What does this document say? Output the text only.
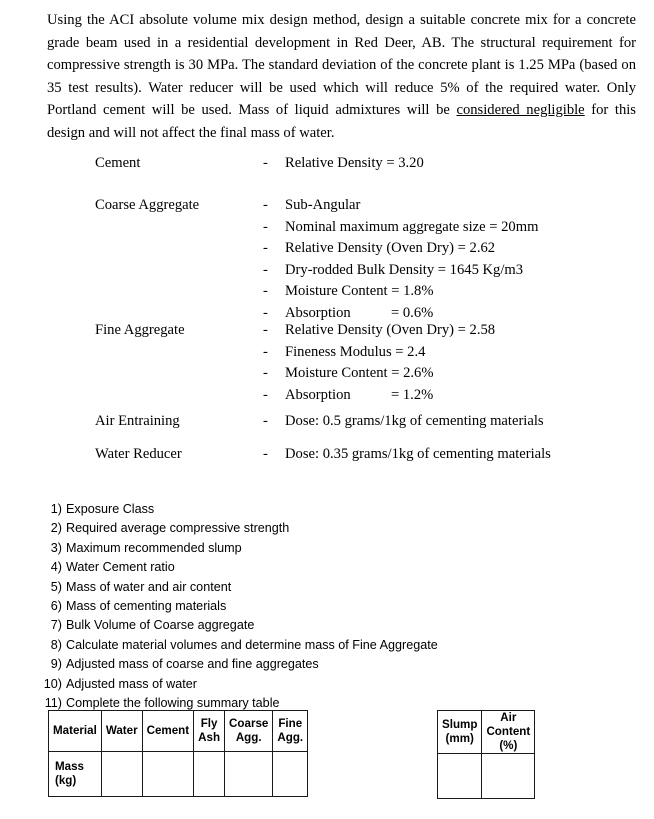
Using the ACI absolute volume mix design method, design a suitable concrete mix for a concrete grade beam used in a residential development in Red Deer, AB. The structural requirement for compressive strength is 30 MPa. The standard deviation of the concrete plant is 1.25 MPa (based on 35 test results). Water reducer will be used which will reduce 5% of the required water. Only Portland cement will be used. Mass of liquid admixtures will be considered negligible for this design and will not affect the final mass of water.
Cement	-	Relative Density = 3.20
Coarse Aggregate	-	Sub-Angular
-	Nominal maximum aggregate size = 20mm
-	Relative Density (Oven Dry) = 2.62
-	Dry-rodded Bulk Density = 1645 Kg/m3
-	Moisture Content = 1.8%
-	Absorption	= 0.6%
Fine Aggregate	-	Relative Density (Oven Dry) = 2.58
-	Fineness Modulus = 2.4
-	Moisture Content = 2.6%
-	Absorption	= 1.2%
Air Entraining	-	Dose: 0.5 grams/1kg of cementing materials
Water Reducer	-	Dose: 0.35 grams/1kg of cementing materials
1) Exposure Class
2) Required average compressive strength
3) Maximum recommended slump
4) Water Cement ratio
5) Mass of water and air content
6) Mass of cementing materials
7) Bulk Volume of Coarse aggregate
8) Calculate material volumes and determine mass of Fine Aggregate
9) Adjusted mass of coarse and fine aggregates
10) Adjusted mass of water
11) Complete the following summary table
Material	Water	Cement	Fly Ash	Coarse Agg.	Fine Agg.
Mass (kg)					
Slump (mm)	Air Content (%)
